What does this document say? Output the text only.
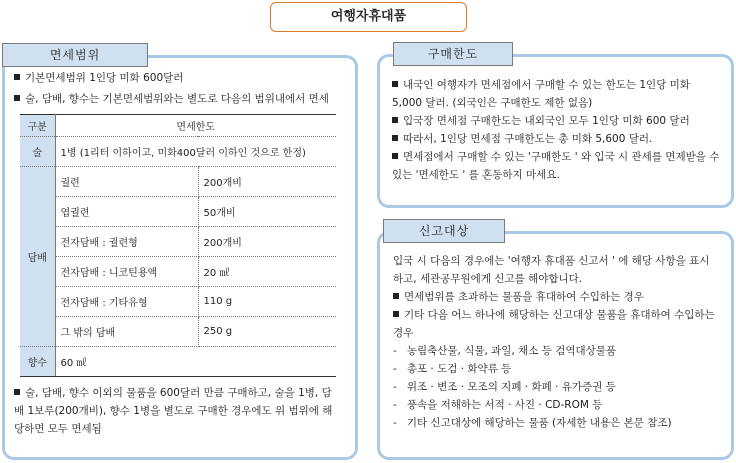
여행자휴대품
면세범위
기본면세범위 1인당 미화 600달러
술, 담배, 향수는 기본면세범위와는 별도로 다음의 범위내에서 면세
구분	면세한도	
술	1병 (1리터 이하이고, 미화400달러 이하인 것으로 한정)	
담배	궐련	200개비
	엽궐련	50개비
	전자담배 : 궐련형	200개비
	전자담배 : 니코틴용액	20 ㎖
	전자담배 : 기타유형	110 g
	그 밖의 담배	250 g
향수	60 ㎖	
술, 담배, 향수 이외의 물품을 600달러 만큼 구매하고, 술을 1병, 담
배 1보루(200개비), 향수 1병을 별도로 구매한 경우에도 위 범위에 해
당하면 모두 면세됨
구매한도
내국인 여행자가 면세점에서 구매할 수 있는 한도는 1인당 미화
5,000 달러. (외국인은 구매한도 제한 없음)
입국장 면세점 구매한도는 내외국인 모두 1인당 미화 600 달러
따라서, 1인당 면세점 구매한도는 총 미화 5,600 달러.
면세점에서 구매할 수 있는 '구매한도 ' 와 입국 시 관세를 면제받을 수
있는 '면세한도 ' 를 혼동하지 마세요.
신고대상
입국 시 다음의 경우에는 '여행자 휴대품 신고서 ' 에 해당 사항을 표시
하고, 세관공무원에게 신고를 해야합니다.
면세범위를 초과하는 물품을 휴대하여 수입하는 경우
기타 다음 어느 하나에 해당하는 신고대상 물품을 휴대하여 수입하는
경우
-   농림축산물, 식물, 과일, 채소 등 검역대상물품
-   총포 · 도검 · 화약류 등
-   위조 · 변조 · 모조의 지폐 · 화폐 · 유가증권 등
-   풍속을 저해하는 서적 · 사진 · CD-ROM 등
-   기타 신고대상에 해당하는 물품 (자세한 내용은 본문 참조)
